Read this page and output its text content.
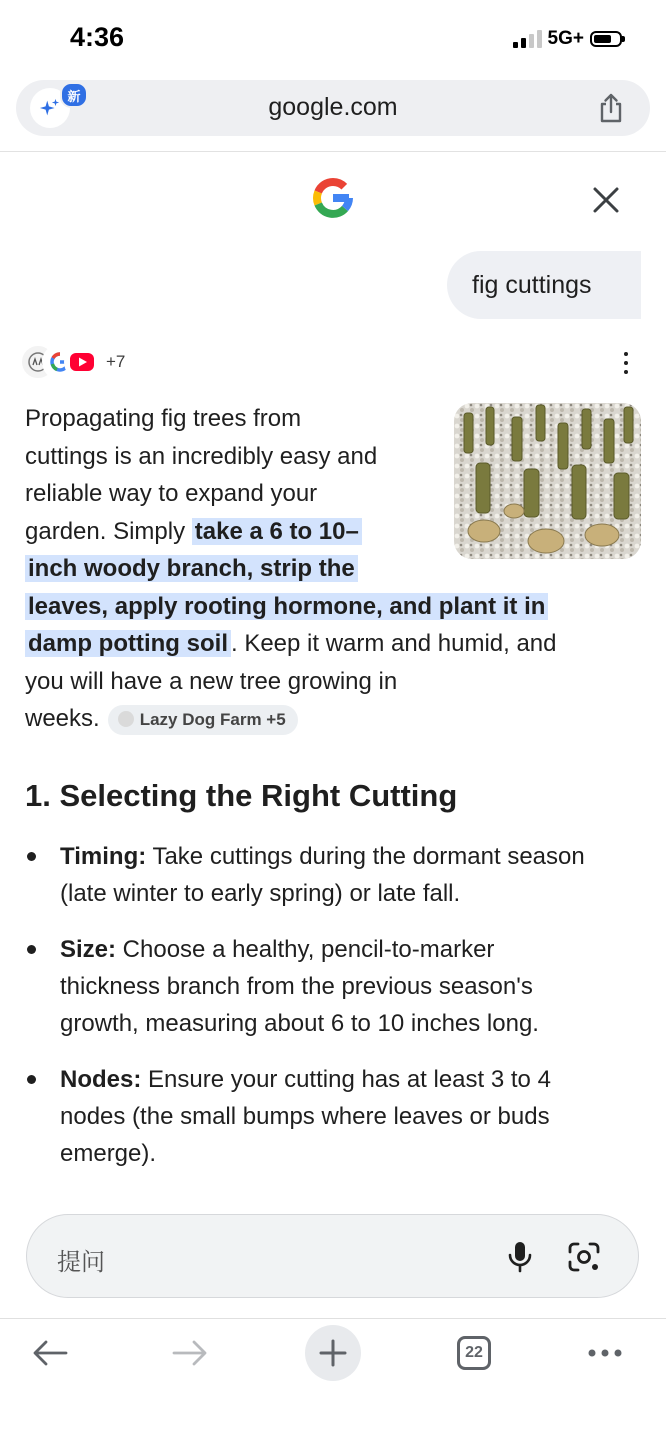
4:36	5G+
新	google.com
fig cuttings
+7
Propagating fig trees from
cuttings is an incredibly easy and
reliable way to expand your
garden. Simply take a 6 to 10–
inch woody branch, strip the
leaves, apply rooting hormone, and plant it in
damp potting soil . Keep it warm and humid, and
you will have a new tree growing in
weeks. Lazy Dog Farm +5
1. Selecting the Right Cutting
Timing: Take cuttings during the dormant season
(late winter to early spring) or late fall.
Size: Choose a healthy, pencil-to-marker
thickness branch from the previous season's
growth, measuring about 6 to 10 inches long.
Nodes: Ensure your cutting has at least 3 to 4
nodes (the small bumps where leaves or buds
emerge).
提问
22
